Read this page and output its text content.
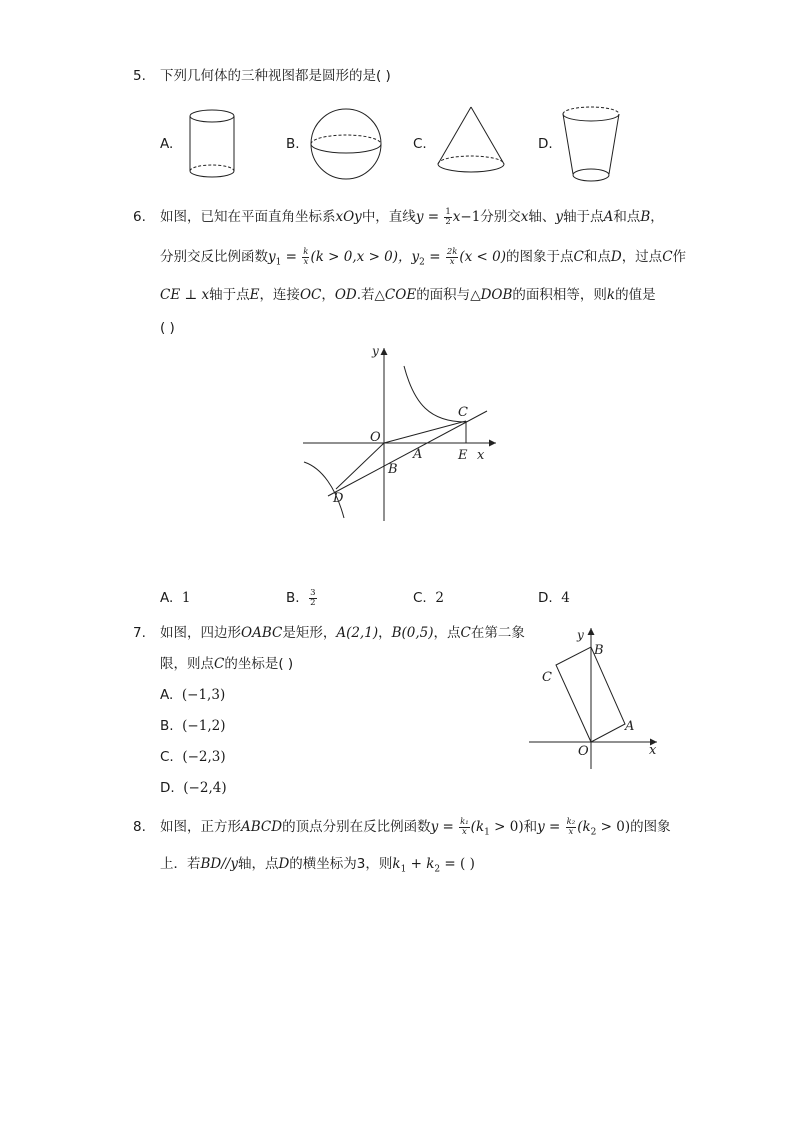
5. 下列几何体的三种视图都是圆形的是( )
A.	B.	C.	D.
6. 如图，已知在平面直角坐标系xOy中，直线$y = \frac{1}{2} x-1$分别交x轴、y轴于点A和点B，
分别交反比例函数$y_1 = \frac{k}{x} (k > 0,x > 0)$，$y_2 = \frac{2k}{x} (x < 0)$的图象于点C和点D，过点C作
CE ⊥ x轴于点E，连接OC，OD.若△COE的面积与△DOB的面积相等，则k的值是
( )
y
x
O
B
A	E
C
D
A. 1	B. $\frac{3}{2}$	C. 2	D. 4
7. 如图，四边形OABC是矩形，A(2,1)，B(0,5)，点C在第二象
限，则点C的坐标是( )
A. (−1,3)
B. (−1,2)
C. (−2,3)
D. (−2,4)
y
x
O
A
B
C
8. 如图，正方形ABCD的顶点分别在反比例函数$y = \frac{\text{k₁}}{x} (k_1 > 0)$和$y = \frac{\text{k₂}}{x} (k_2 > 0)$的图象
上．若BD//y轴，点D的横坐标为3，则$k_1 + k_2$ = ( )
